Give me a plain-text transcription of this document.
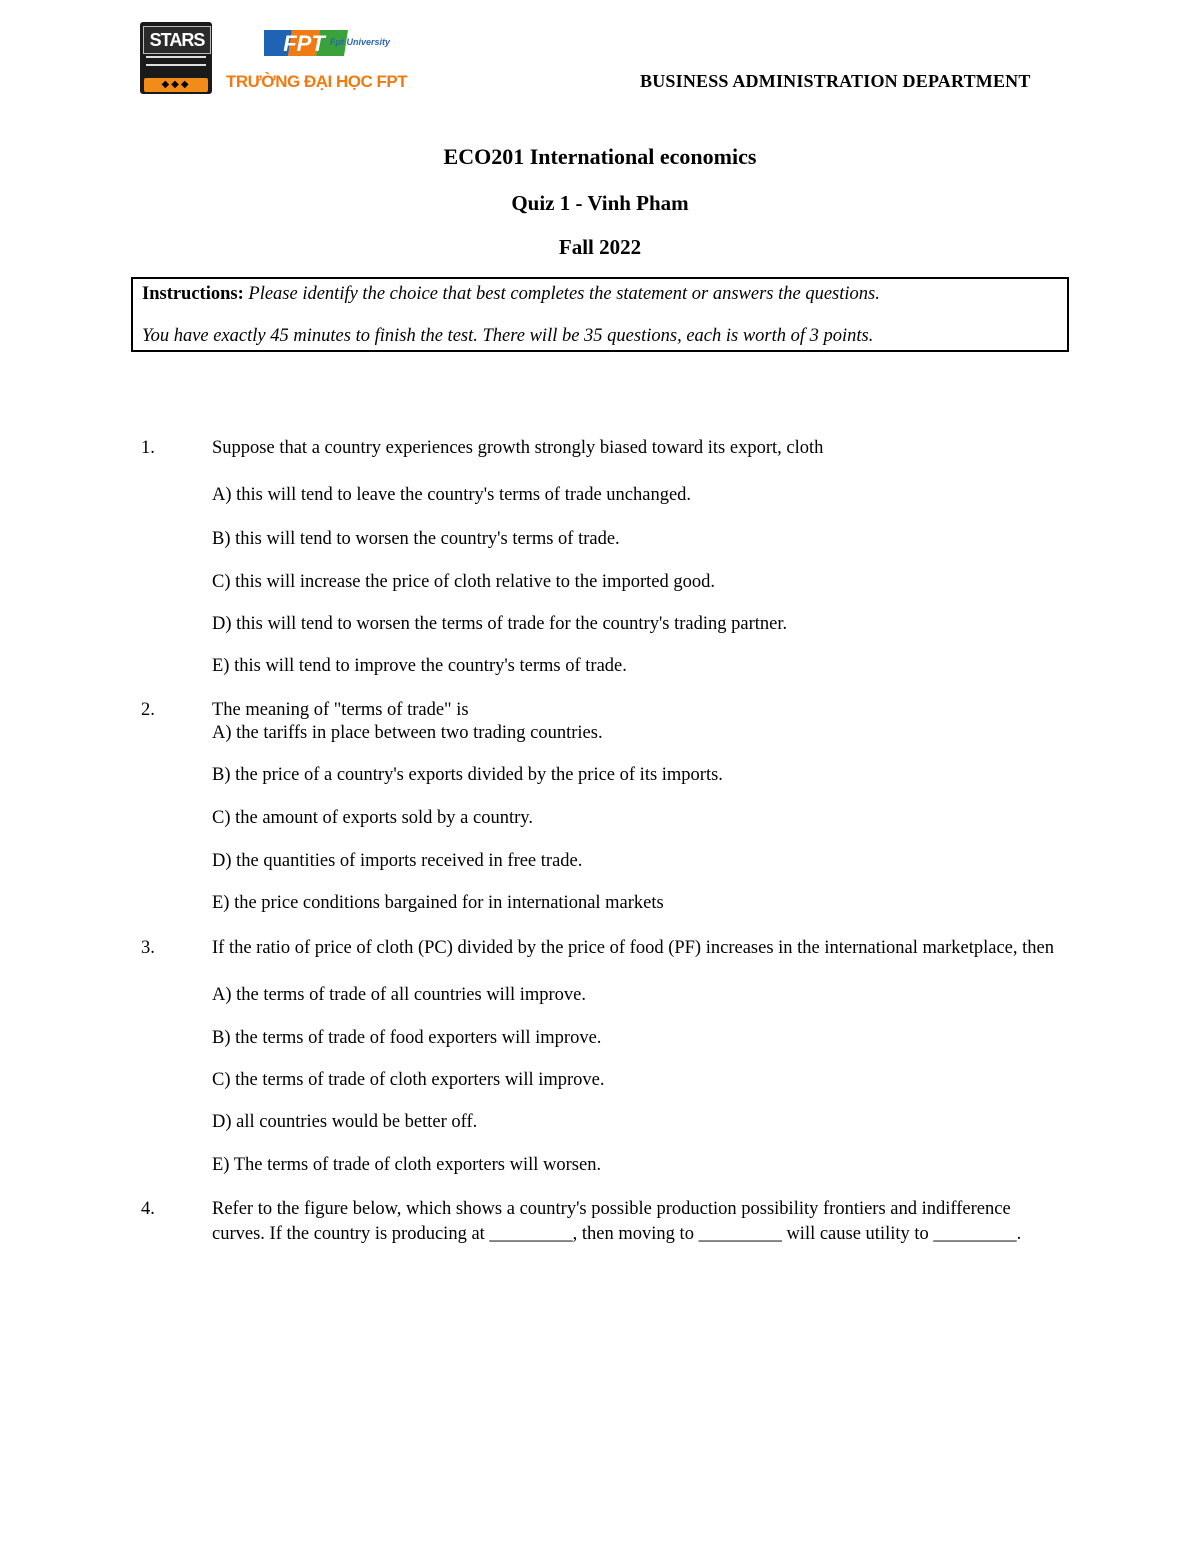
STARS
◆◆◆
FPT Fpt University
TRƯỜNG ĐẠI HỌC FPT	BUSINESS ADMINISTRATION DEPARTMENT
ECO201 International economics
Quiz 1 - Vinh Pham
Fall 2022
Instructions: Please identify the choice that best completes the statement or answers the questions.
You have exactly 45 minutes to finish the test. There will be 35 questions, each is worth of 3 points.
1.	Suppose that a country experiences growth strongly biased toward its export, cloth
A) this will tend to leave the country's terms of trade unchanged.
B) this will tend to worsen the country's terms of trade.
C) this will increase the price of cloth relative to the imported good.
D) this will tend to worsen the terms of trade for the country's trading partner.
E) this will tend to improve the country's terms of trade.
2.	The meaning of "terms of trade" is
A) the tariffs in place between two trading countries.
B) the price of a country's exports divided by the price of its imports.
C) the amount of exports sold by a country.
D) the quantities of imports received in free trade.
E) the price conditions bargained for in international markets
3.	If the ratio of price of cloth (PC) divided by the price of food (PF) increases in the international marketplace, then
A) the terms of trade of all countries will improve.
B) the terms of trade of food exporters will improve.
C) the terms of trade of cloth exporters will improve.
D) all countries would be better off.
E) The terms of trade of cloth exporters will worsen.
4.	Refer to the figure below, which shows a country's possible production possibility frontiers and indifference curves. If the country is producing at _________, then moving to _________ will cause utility to _________.
